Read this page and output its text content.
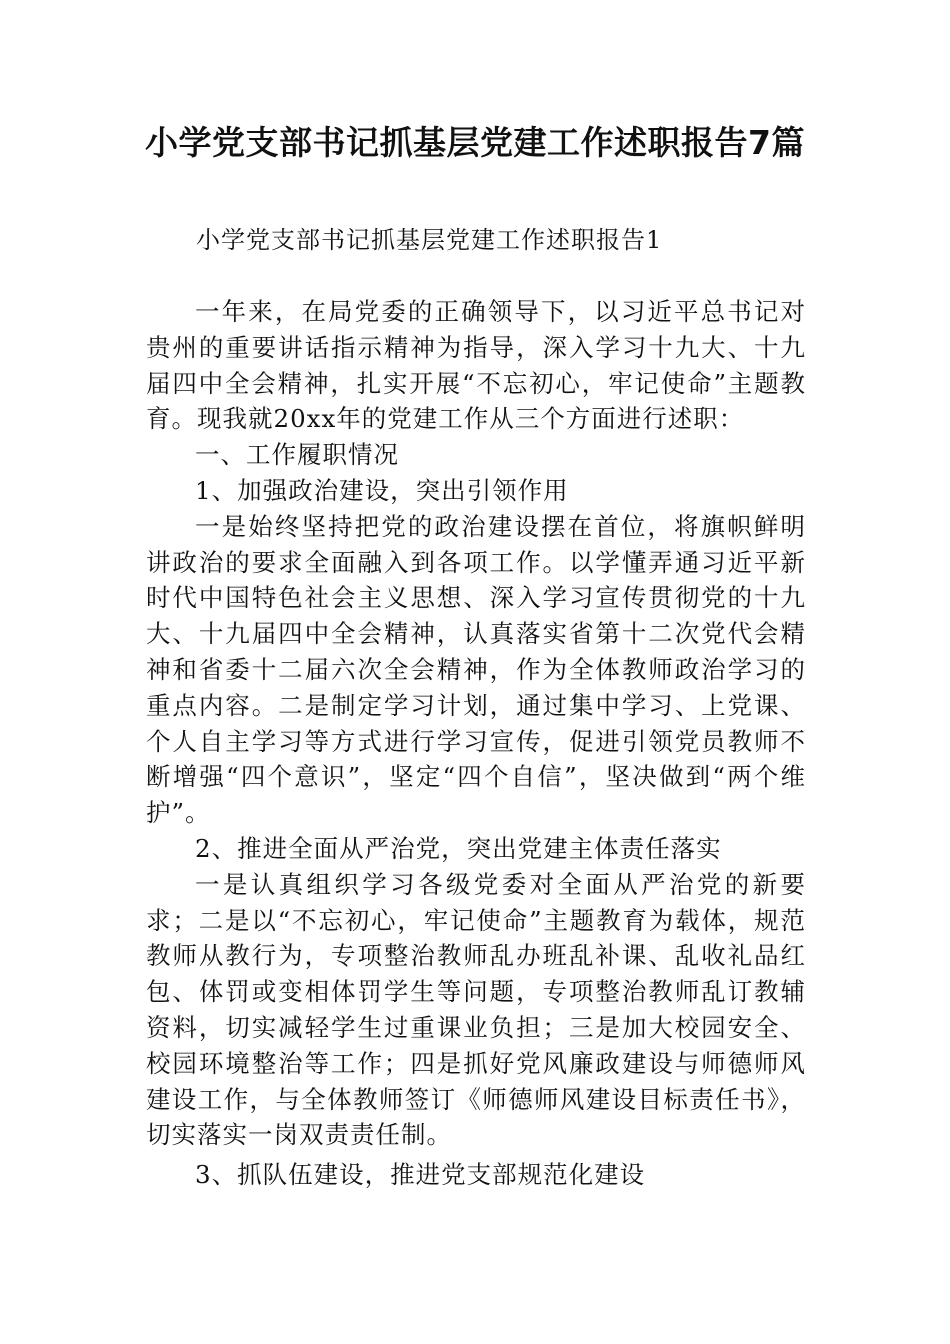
小学党支部书记抓基层党建工作述职报告7篇
小学党支部书记抓基层党建工作述职报告1

一年来，在局党委的正确领导下，以习近平总书记对贵州的重要讲话指示精神为指导，深入学习十九大、十九届四中全会精神，扎实开展“不忘初心，牢记使命”主题教育。现我就20xx年的党建工作从三个方面进行述职：

一、工作履职情况

1、加强政治建设，突出引领作用

一是始终坚持把党的政治建设摆在首位，将旗帜鲜明讲政治的要求全面融入到各项工作。以学懂弄通习近平新时代中国特色社会主义思想、深入学习宣传贯彻党的十九大、十九届四中全会精神，认真落实省第十二次党代会精神和省委十二届六次全会精神，作为全体教师政治学习的重点内容。二是制定学习计划，通过集中学习、上党课、个人自主学习等方式进行学习宣传，促进引领党员教师不断增强“四个意识”，坚定“四个自信”，坚决做到“两个维护”。

2、推进全面从严治党，突出党建主体责任落实

一是认真组织学习各级党委对全面从严治党的新要求；二是以“不忘初心，牢记使命”主题教育为载体，规范教师从教行为，专项整治教师乱办班乱补课、乱收礼品红包、体罚或变相体罚学生等问题，专项整治教师乱订教辅资料，切实减轻学生过重课业负担；三是加大校园安全、校园环境整治等工作；四是抓好党风廉政建设与师德师风建设工作，与全体教师签订《师德师风建设目标责任书》，切实落实一岗双责责任制。

3、抓队伍建设，推进党支部规范化建设
